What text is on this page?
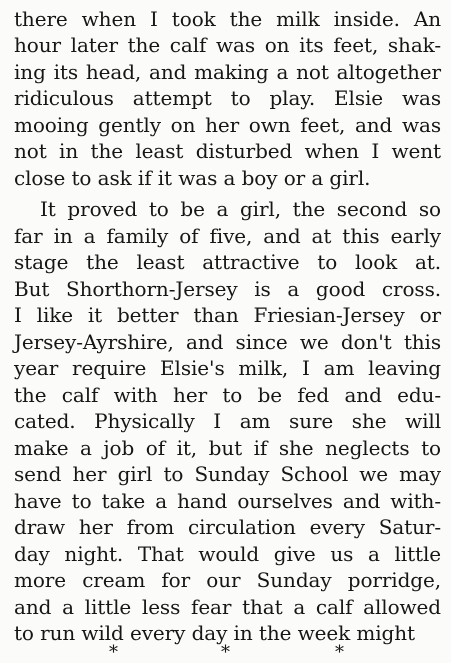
there when I took the milk inside. An
hour later the calf was on its feet, shak-
ing its head, and making a not altogether
ridiculous attempt to play. Elsie was
mooing gently on her own feet, and was
not in the least disturbed when I went
close to ask if it was a boy or a girl.
It proved to be a girl, the second so
far in a family of five, and at this early
stage the least attractive to look at.
But Shorthorn-Jersey is a good cross.
I like it better than Friesian-Jersey or
Jersey-Ayrshire, and since we don't this
year require Elsie's milk, I am leaving
the calf with her to be fed and edu-
cated. Physically I am sure she will
make a job of it, but if she neglects to
send her girl to Sunday School we may
have to take a hand ourselves and with-
draw her from circulation every Satur-
day night. That would give us a little
more cream for our Sunday porridge,
and a little less fear that a calf allowed
to run wild every day in the week might
*	*	*
